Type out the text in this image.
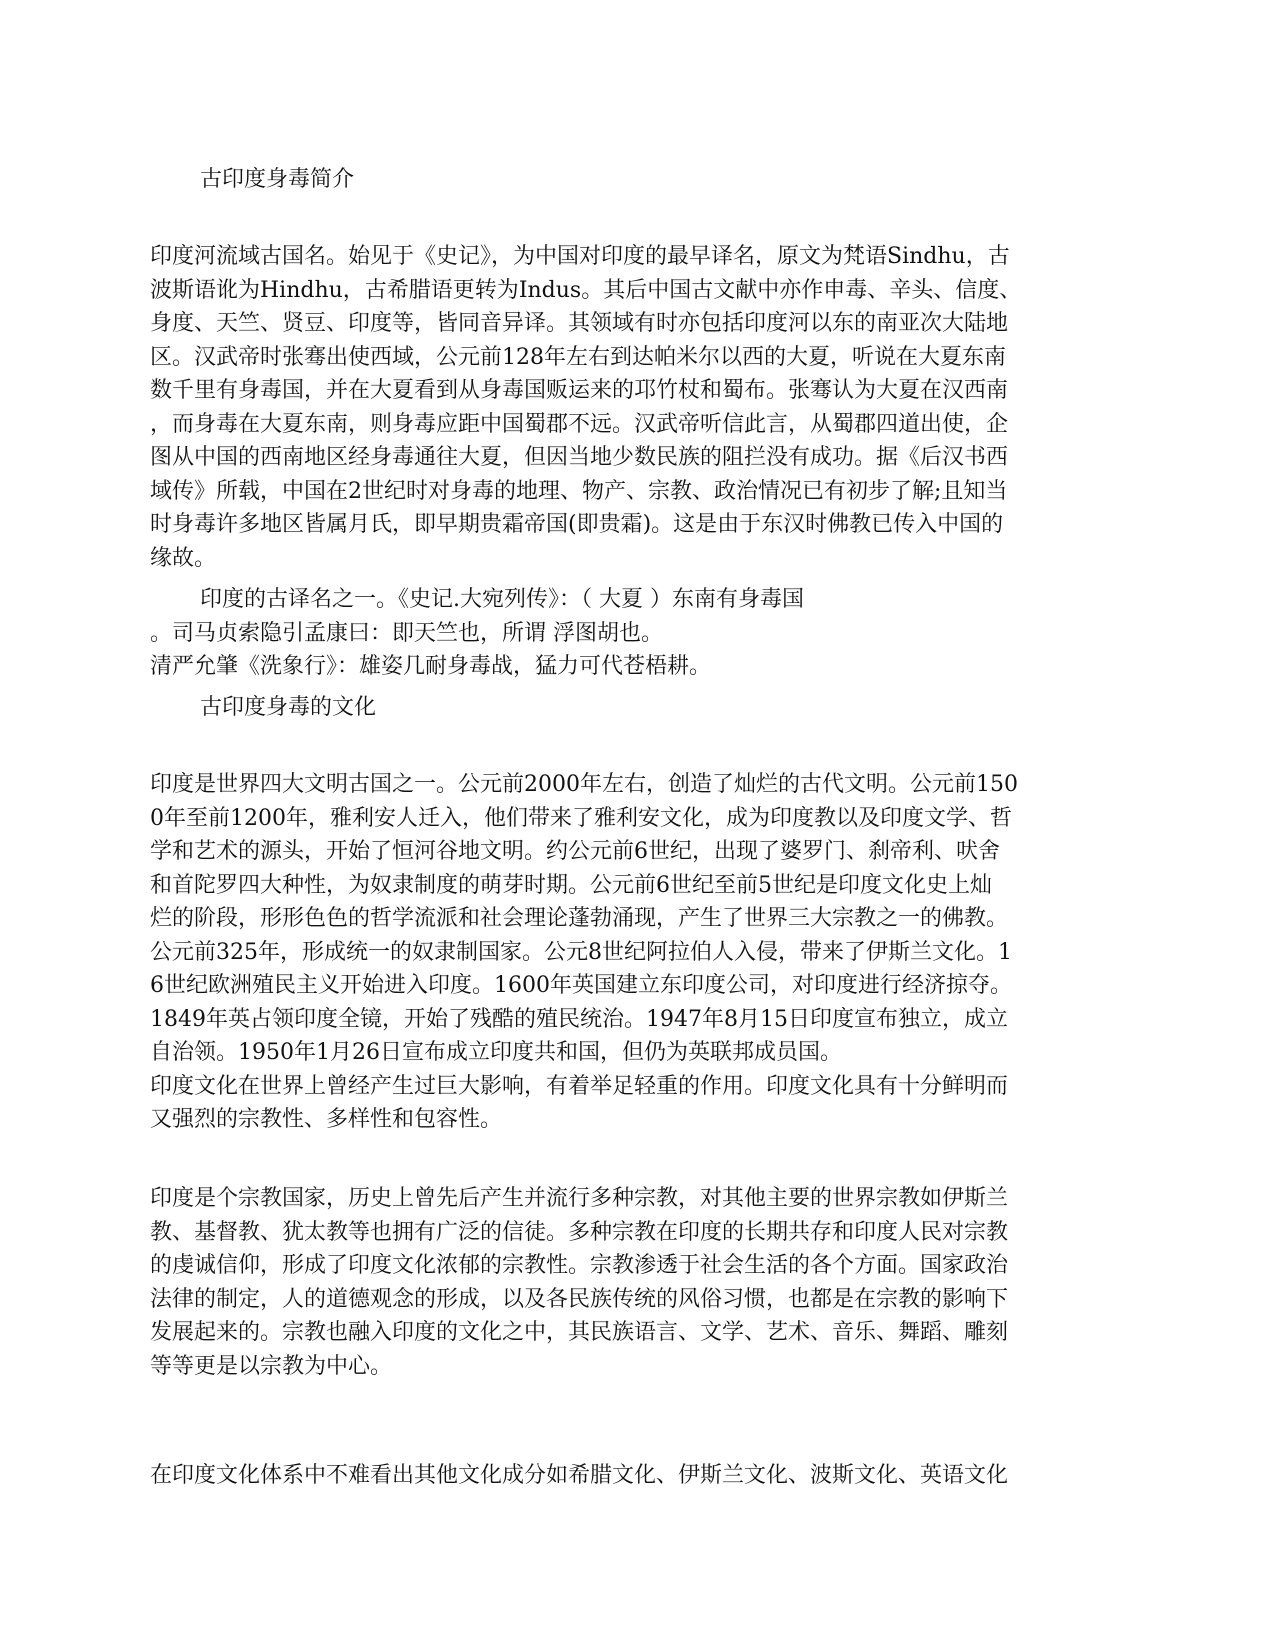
古印度身毒简介

印度河流域古国名。始见于《史记》，为中国对印度的最早译名，原文为梵语Sindhu，古
波斯语讹为Hindhu，古希腊语更转为Indus。其后中国古文献中亦作申毒、辛头、信度、
身度、天竺、贤豆、印度等，皆同音异译。其领域有时亦包括印度河以东的南亚次大陆地
区。汉武帝时张骞出使西域，公元前128年左右到达帕米尔以西的大夏，听说在大夏东南
数千里有身毒国，并在大夏看到从身毒国贩运来的邛竹杖和蜀布。张骞认为大夏在汉西南
，而身毒在大夏东南，则身毒应距中国蜀郡不远。汉武帝听信此言，从蜀郡四道出使，企
图从中国的西南地区经身毒通往大夏，但因当地少数民族的阻拦没有成功。据《后汉书西
域传》所载，中国在2世纪时对身毒的地理、物产、宗教、政治情况已有初步了解;且知当
时身毒许多地区皆属月氏，即早期贵霜帝国(即贵霜)。这是由于东汉时佛教已传入中国的
缘故。

印度的古译名之一。《史记.大宛列传》：（ 大夏 ）东南有身毒国
。司马贞索隐引孟康曰：即天竺也，所谓 浮图胡也。
清严允肇《洗象行》：雄姿几耐身毒战，猛力可代苍梧耕。

古印度身毒的文化

印度是世界四大文明古国之一。公元前2000年左右，创造了灿烂的古代文明。公元前150
0年至前1200年，雅利安人迁入，他们带来了雅利安文化，成为印度教以及印度文学、哲
学和艺术的源头，开始了恒河谷地文明。约公元前6世纪，出现了婆罗门、刹帝利、吠舍
和首陀罗四大种性，为奴隶制度的萌芽时期。公元前6世纪至前5世纪是印度文化史上灿
烂的阶段，形形色色的哲学流派和社会理论蓬勃涌现，产生了世界三大宗教之一的佛教。
公元前325年，形成统一的奴隶制国家。公元8世纪阿拉伯人入侵，带来了伊斯兰文化。1
6世纪欧洲殖民主义开始进入印度。1600年英国建立东印度公司，对印度进行经济掠夺。
1849年英占领印度全镜，开始了残酷的殖民统治。1947年8月15日印度宣布独立，成立
自治领。1950年1月26日宣布成立印度共和国，但仍为英联邦成员国。
印度文化在世界上曾经产生过巨大影响，有着举足轻重的作用。印度文化具有十分鲜明而
又强烈的宗教性、多样性和包容性。

印度是个宗教国家，历史上曾先后产生并流行多种宗教，对其他主要的世界宗教如伊斯兰
教、基督教、犹太教等也拥有广泛的信徒。多种宗教在印度的长期共存和印度人民对宗教
的虔诚信仰，形成了印度文化浓郁的宗教性。宗教渗透于社会生活的各个方面。国家政治
法律的制定，人的道德观念的形成，以及各民族传统的风俗习惯，也都是在宗教的影响下
发展起来的。宗教也融入印度的文化之中，其民族语言、文学、艺术、音乐、舞蹈、雕刻
等等更是以宗教为中心。

在印度文化体系中不难看出其他文化成分如希腊文化、伊斯兰文化、波斯文化、英语文化
